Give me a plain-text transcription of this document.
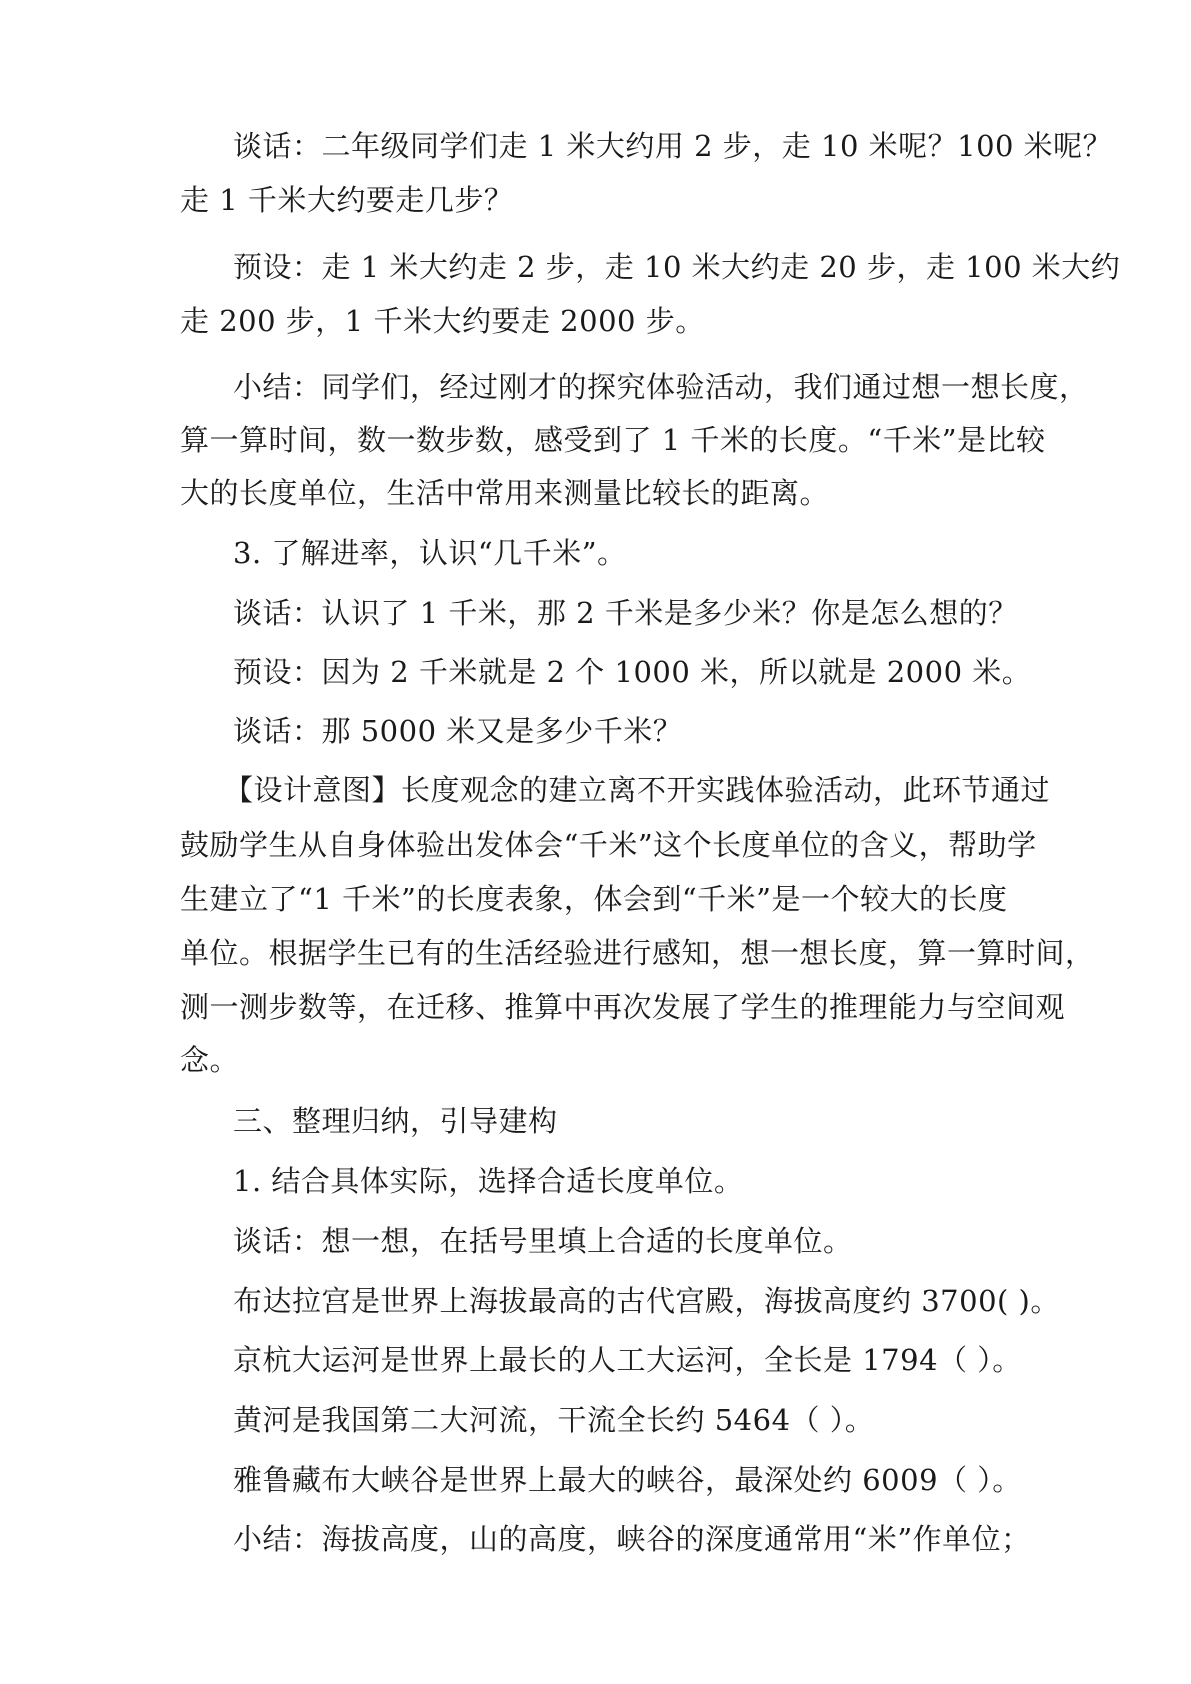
谈话：二年级同学们走 1 米大约用 2 步，走 10 米呢？100 米呢？
走 1 千米大约要走几步？
预设：走 1 米大约走 2 步，走 10 米大约走 20 步，走 100 米大约
走 200 步，1 千米大约要走 2000 步。
小结：同学们，经过刚才的探究体验活动，我们通过想一想长度，
算一算时间，数一数步数，感受到了 1 千米的长度。“千米”是比较
大的长度单位，生活中常用来测量比较长的距离。
3. 了解进率，认识“几千米”。
谈话：认识了 1 千米，那 2 千米是多少米？你是怎么想的？
预设：因为 2 千米就是 2 个 1000 米，所以就是 2000 米。
谈话：那 5000 米又是多少千米？
【设计意图】长度观念的建立离不开实践体验活动，此环节通过
鼓励学生从自身体验出发体会“千米”这个长度单位的含义，帮助学
生建立了“1 千米”的长度表象，体会到“千米”是一个较大的长度
单位。根据学生已有的生活经验进行感知，想一想长度，算一算时间，
测一测步数等，在迁移、推算中再次发展了学生的推理能力与空间观
念。
三、整理归纳，引导建构
1. 结合具体实际，选择合适长度单位。
谈话：想一想，在括号里填上合适的长度单位。
布达拉宫是世界上海拔最高的古代宫殿，海拔高度约 3700( )。
京杭大运河是世界上最长的人工大运河，全长是 1794（ ）。
黄河是我国第二大河流，干流全长约 5464（ ）。
雅鲁藏布大峡谷是世界上最大的峡谷，最深处约 6009（ ）。
小结：海拔高度，山的高度，峡谷的深度通常用“米”作单位；
